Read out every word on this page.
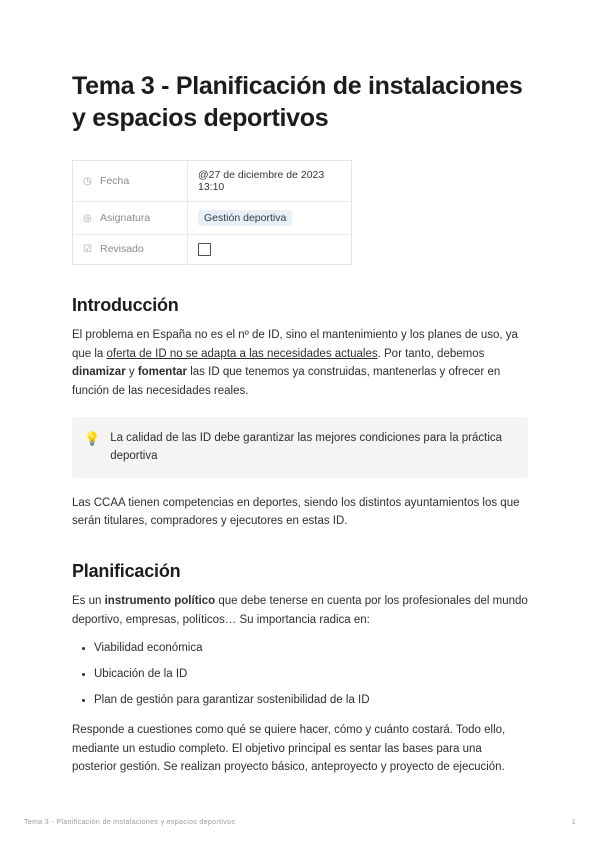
Tema 3 - Planificación de instalaciones y espacios deportivos
◷ Fecha	@27 de diciembre de 2023 13:10
◎ Asignatura	Gestión deportiva
☑ Revisado	
Introducción

El problema en España no es el nº de ID, sino el mantenimiento y los planes de uso, ya que la oferta de ID no se adapta a las necesidades actuales. Por tanto, debemos dinamizar y fomentar las ID que tenemos ya construidas, mantenerlas y ofrecer en función de las necesidades reales.

💡 La calidad de las ID debe garantizar las mejores condiciones para la práctica deportiva

Las CCAA tienen competencias en deportes, siendo los distintos ayuntamientos los que serán titulares, compradores y ejecutores en estas ID.

Planificación

Es un instrumento político que debe tenerse en cuenta por los profesionales del mundo deportivo, empresas, políticos… Su importancia radica en:

• Viabilidad económica
• Ubicación de la ID
• Plan de gestión para garantizar sostenibilidad de la ID

Responde a cuestiones como qué se quiere hacer, cómo y cuánto costará. Todo ello, mediante un estudio completo. El objetivo principal es sentar las bases para una posterior gestión. Se realizan proyecto básico, anteproyecto y proyecto de ejecución.

Tema 3 - Planificación de instalaciones y espacios deportivos	1
